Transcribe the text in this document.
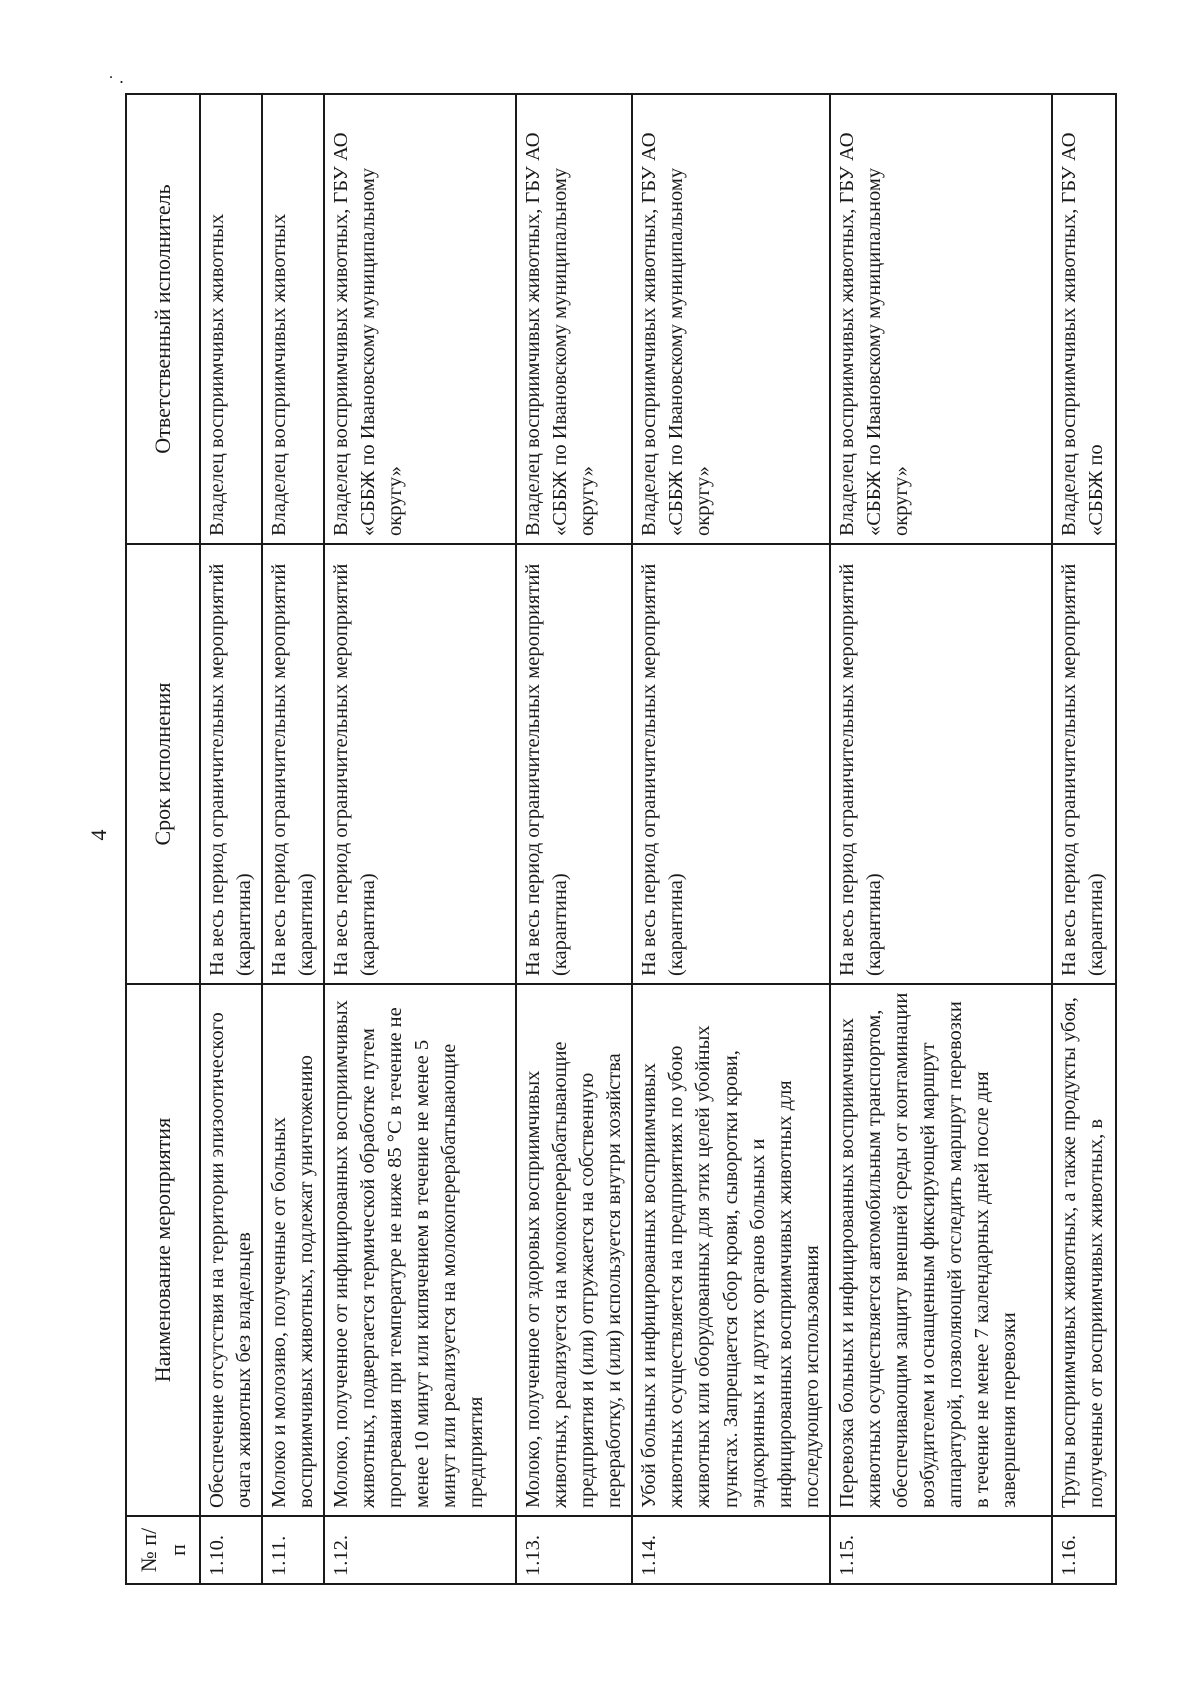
˙ ·
4
№ п/п	Наименование мероприятия	Срок исполнения	Ответственный исполнитель
1.10.	Обеспечение отсутствия на территории эпизоотического очага животных без владельцев	На весь период ограничительных мероприятий (карантина)	Владелец восприимчивых животных
1.11.	Молоко и молозиво, полученные от больных восприимчивых животных, подлежат уничтожению	На весь период ограничительных мероприятий (карантина)	Владелец восприимчивых животных
1.12.	Молоко, полученное от инфицированных восприимчивых животных, подвергается термической обработке путем прогревания при температуре не ниже 85 °С в течение не менее 10 минут или кипячением в течение не менее 5 минут или реализуется на молокоперерабатывающие предприятия	На весь период ограничительных мероприятий (карантина)	Владелец восприимчивых животных, ГБУ АО «СББЖ по Ивановскому муниципальному округу»
1.13.	Молоко, полученное от здоровых восприимчивых животных, реализуется на молокоперерабатывающие предприятия и (или) отгружается на собственную переработку, и (или) используется внутри хозяйства	На весь период ограничительных мероприятий (карантина)	Владелец восприимчивых животных, ГБУ АО «СББЖ по Ивановскому муниципальному округу»
1.14.	Убой больных и инфицированных восприимчивых животных осуществляется на предприятиях по убою животных или оборудованных для этих целей убойных пунктах. Запрещается сбор крови, сыворотки крови, эндокринных и других органов больных и инфицированных восприимчивых животных для последующего использования	На весь период ограничительных мероприятий (карантина)	Владелец восприимчивых животных, ГБУ АО «СББЖ по Ивановскому муниципальному округу»
1.15.	Перевозка больных и инфицированных восприимчивых животных осуществляется автомобильным транспортом, обеспечивающим защиту внешней среды от контаминации возбудителем и оснащенным фиксирующей маршрут аппаратурой, позволяющей отследить маршрут перевозки в течение не менее 7 календарных дней после дня завершения перевозки	На весь период ограничительных мероприятий (карантина)	Владелец восприимчивых животных, ГБУ АО «СББЖ по Ивановскому муниципальному округу»
1.16.	Трупы восприимчивых животных, а также продукты убоя, полученные от восприимчивых животных, в	На весь период ограничительных мероприятий (карантина)	Владелец восприимчивых животных, ГБУ АО «СББЖ по
